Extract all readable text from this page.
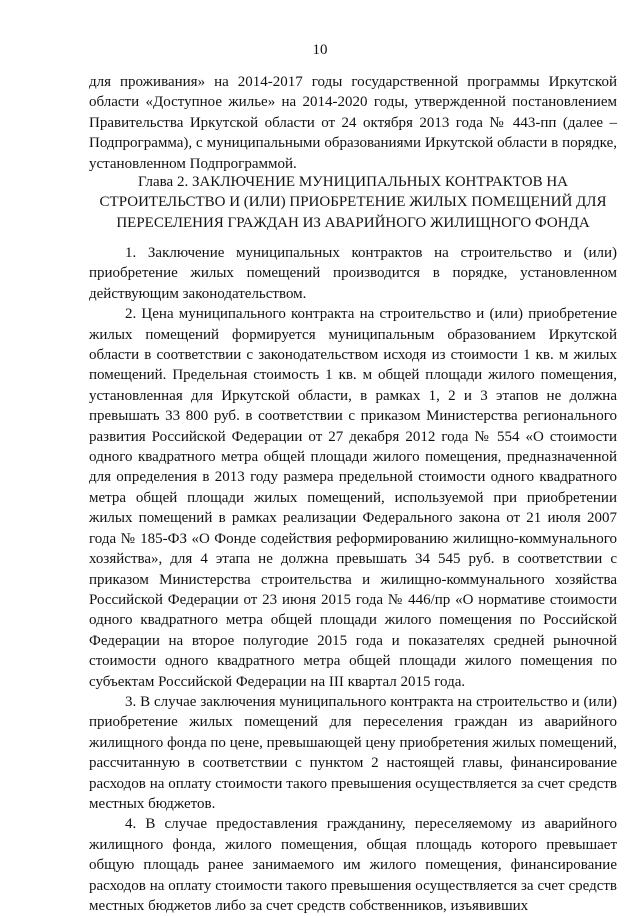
10

для проживания» на 2014-2017 годы государственной программы Иркутской области «Доступное жилье» на 2014-2020 годы, утвержденной постановлением Правительства Иркутской области от 24 октября 2013 года № 443-пп (далее – Подпрограмма), с муниципальными образованиями Иркутской области в порядке, установленном Подпрограммой.

Глава 2. ЗАКЛЮЧЕНИЕ МУНИЦИПАЛЬНЫХ КОНТРАКТОВ НА
СТРОИТЕЛЬСТВО И (ИЛИ) ПРИОБРЕТЕНИЕ ЖИЛЫХ ПОМЕЩЕНИЙ ДЛЯ
ПЕРЕСЕЛЕНИЯ ГРАЖДАН ИЗ АВАРИЙНОГО ЖИЛИЩНОГО ФОНДА

1. Заключение муниципальных контрактов на строительство и (или) приобретение жилых помещений производится в порядке, установленном действующим законодательством.

2. Цена муниципального контракта на строительство и (или) приобретение жилых помещений формируется муниципальным образованием Иркутской области в соответствии с законодательством исходя из стоимости 1 кв. м жилых помещений. Предельная стоимость 1 кв. м общей площади жилого помещения, установленная для Иркутской области, в рамках 1, 2 и 3 этапов не должна превышать 33 800 руб. в соответствии с приказом Министерства регионального развития Российской Федерации от 27 декабря 2012 года № 554 «О стоимости одного квадратного метра общей площади жилого помещения, предназначенной для определения в 2013 году размера предельной стоимости одного квадратного метра общей площади жилых помещений, используемой при приобретении жилых помещений в рамках реализации Федерального закона от 21 июля 2007 года № 185-ФЗ «О Фонде содействия реформированию жилищно-коммунального хозяйства», для 4 этапа не должна превышать 34 545 руб. в соответствии с приказом Министерства строительства и жилищно-коммунального хозяйства Российской Федерации от 23 июня 2015 года № 446/пр «О нормативе стоимости одного квадратного метра общей площади жилого помещения по Российской Федерации на второе полугодие 2015 года и показателях средней рыночной стоимости одного квадратного метра общей площади жилого помещения по субъектам Российской Федерации на III квартал 2015 года.

3. В случае заключения муниципального контракта на строительство и (или) приобретение жилых помещений для переселения граждан из аварийного жилищного фонда по цене, превышающей цену приобретения жилых помещений, рассчитанную в соответствии с пунктом 2 настоящей главы, финансирование расходов на оплату стоимости такого превышения осуществляется за счет средств местных бюджетов.

4. В случае предоставления гражданину, переселяемому из аварийного жилищного фонда, жилого помещения, общая площадь которого превышает общую площадь ранее занимаемого им жилого помещения, финансирование расходов на оплату стоимости такого превышения осуществляется за счет средств местных бюджетов либо за счет средств собственников, изъявивших
